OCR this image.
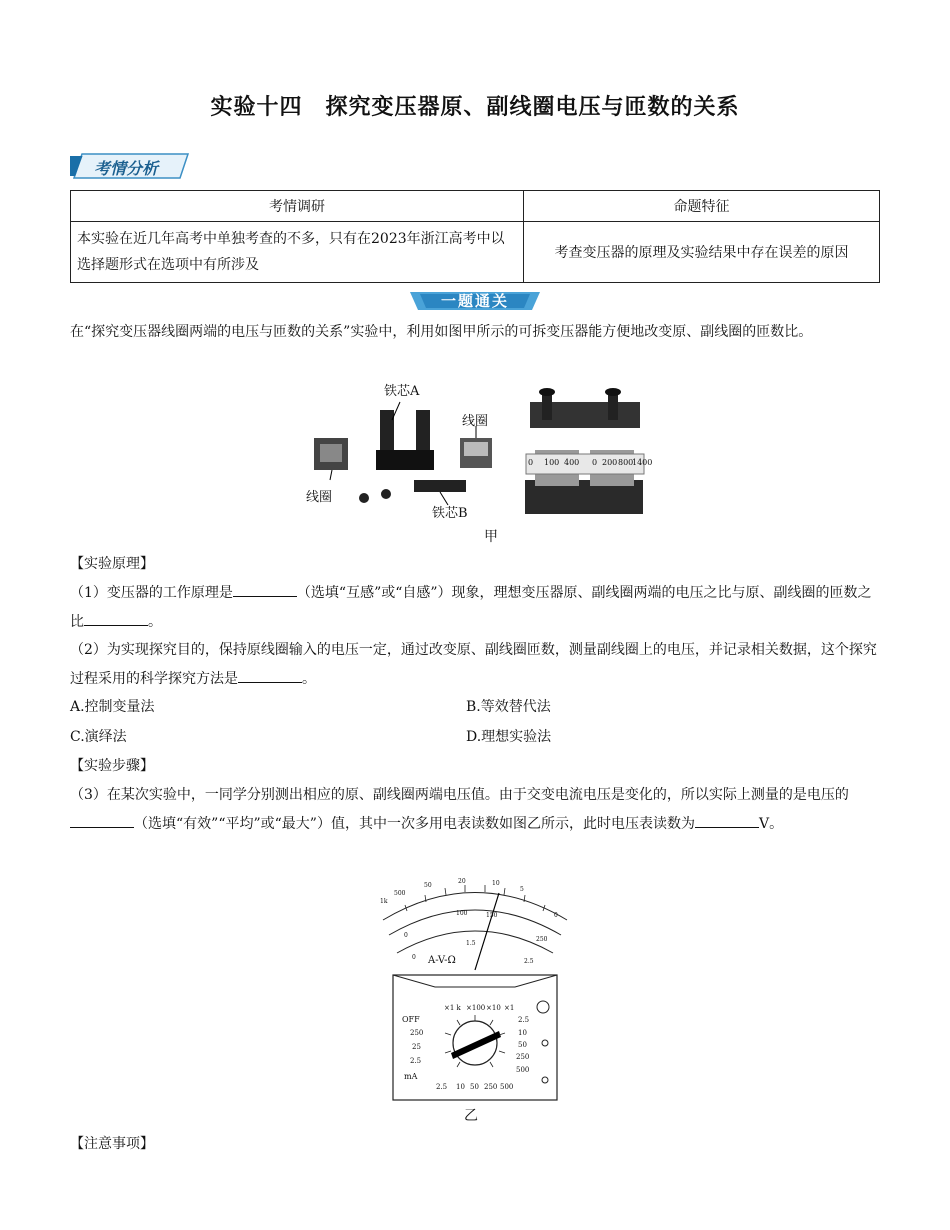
实验十四　探究变压器原、副线圈电压与匝数的关系
考情分析
考情调研	命题特征
本实验在近几年高考中单独考查的不多，只有在2023年浙江高考中以选择题形式在选项中有所涉及	考查变压器的原理及实验结果中存在误差的原因
一题通关
在“探究变压器线圈两端的电压与匝数的关系”实验中，利用如图甲所示的可拆变压器能方便地改变原、副线圈的匝数比。
铁芯A
线圈
线圈
铁芯B
0 100 400 0 200 800
1400
甲
【实验原理】
（1）变压器的工作原理是	（选填“互感”或“自感”）现象，理想变压器原、副线圈两端的电压之比与原、副线圈的匝数之比	。
（2）为实现探究目的，保持原线圈输入的电压一定，通过改变原、副线圈匝数，测量副线圈上的电压，并记录相关数据，这个探究过程采用的科学探究方法是	。
A.控制变量法	B.等效替代法
C.演绎法	D.理想实验法
【实验步骤】
（3）在某次实验中，一同学分别测出相应的原、副线圈两端电压值。由于交变电流电压是变化的，所以实际上测量的是电压的（选填“有效”“平均”或“最大”）值，其中一次多用电表读数如图乙所示，此时电压表读数为	V。
A-V-Ω
1k
500
50
20	10
5
0
0
100	150
250
0
1.5
2.5
×1 k ×100 ×10 ×1
OFF
250
25
2.5
mA
2.5
10
50
250
500
2.5 10 50 250 500
乙
【注意事项】
